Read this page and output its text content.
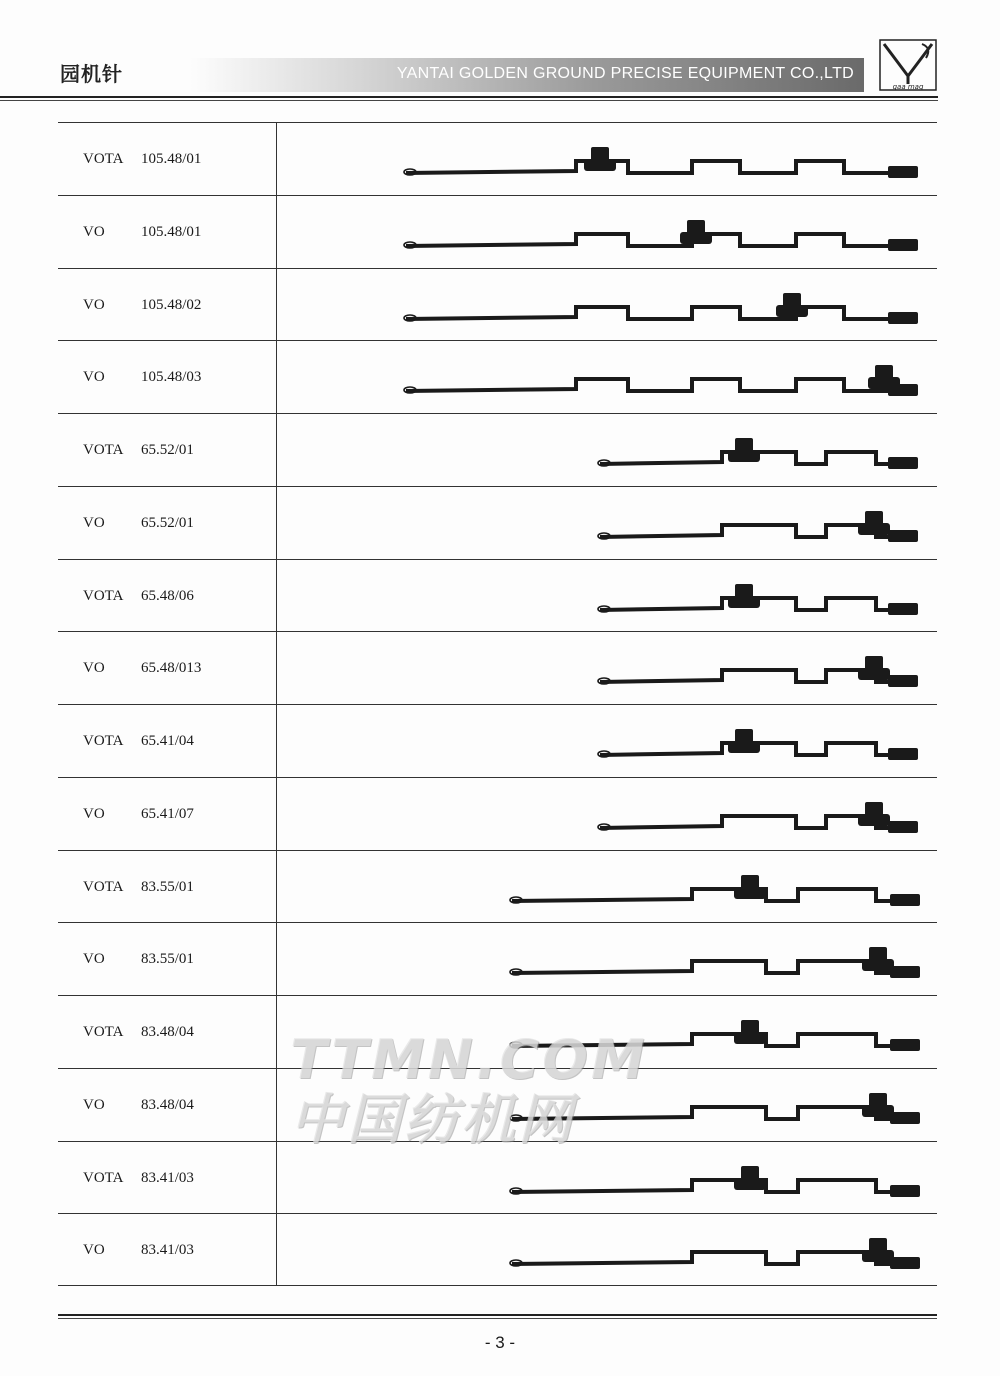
园机针	YANTAI GOLDEN GROUND PRECISE EQUIPMENT CO.,LTD
gaa mag
VOTA 105.48/01
VO 105.48/01
VO 105.48/02
VO 105.48/03
VOTA 65.52/01
VO 65.52/01
VOTA 65.48/06
VO 65.48/013
VOTA 65.41/04
VO 65.41/07
VOTA 83.55/01
VO 83.55/01
VOTA 83.48/04
VO 83.48/04
VOTA 83.41/03
VO 83.41/03
TTMN.COM
中国纺机网
- 3 -
